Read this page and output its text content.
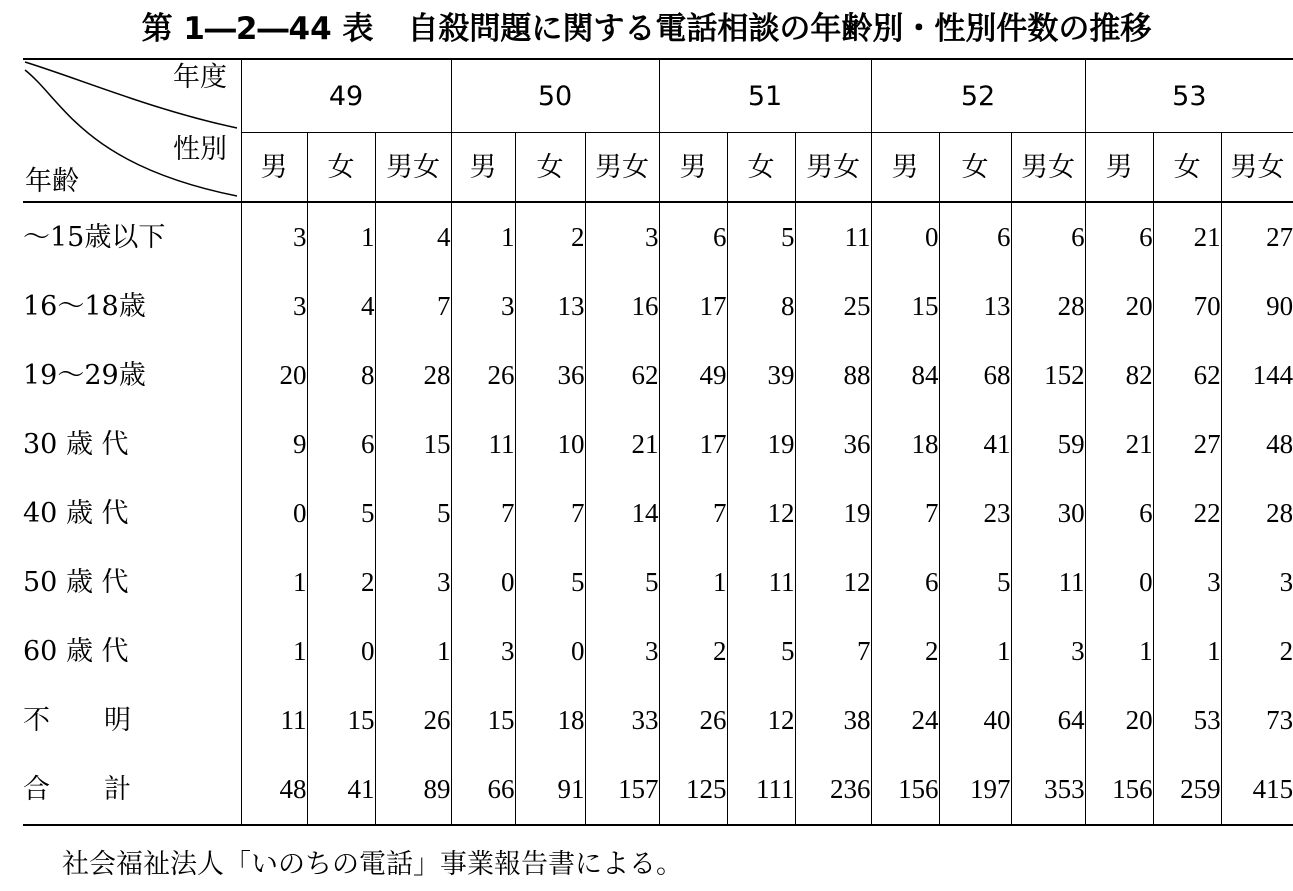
第 1―2―44 表 自殺問題に関する電話相談の年齢別・性別件数の推移
年度
性別
年齢	49			50			51			52			53		
	男	女	男女	男	女	男女	男	女	男女	男	女	男女	男	女	男女
～15歳以下	3	1	4	1	2	3	6	5	11	0	6	6	6	21	27
16～18歳	3	4	7	3	13	16	17	8	25	15	13	28	20	70	90
19～29歳	20	8	28	26	36	62	49	39	88	84	68	152	82	62	144
30 歳 代	9	6	15	11	10	21	17	19	36	18	41	59	21	27	48
40 歳 代	0	5	5	7	7	14	7	12	19	7	23	30	6	22	28
50 歳 代	1	2	3	0	5	5	1	11	12	6	5	11	0	3	3
60 歳 代	1	0	1	3	0	3	2	5	7	2	1	3	1	1	2
不　　明	11	15	26	15	18	33	26	12	38	24	40	64	20	53	73
合　　計	48	41	89	66	91	157	125	111	236	156	197	353	156	259	415
社会福祉法人「いのちの電話」事業報告書による。
